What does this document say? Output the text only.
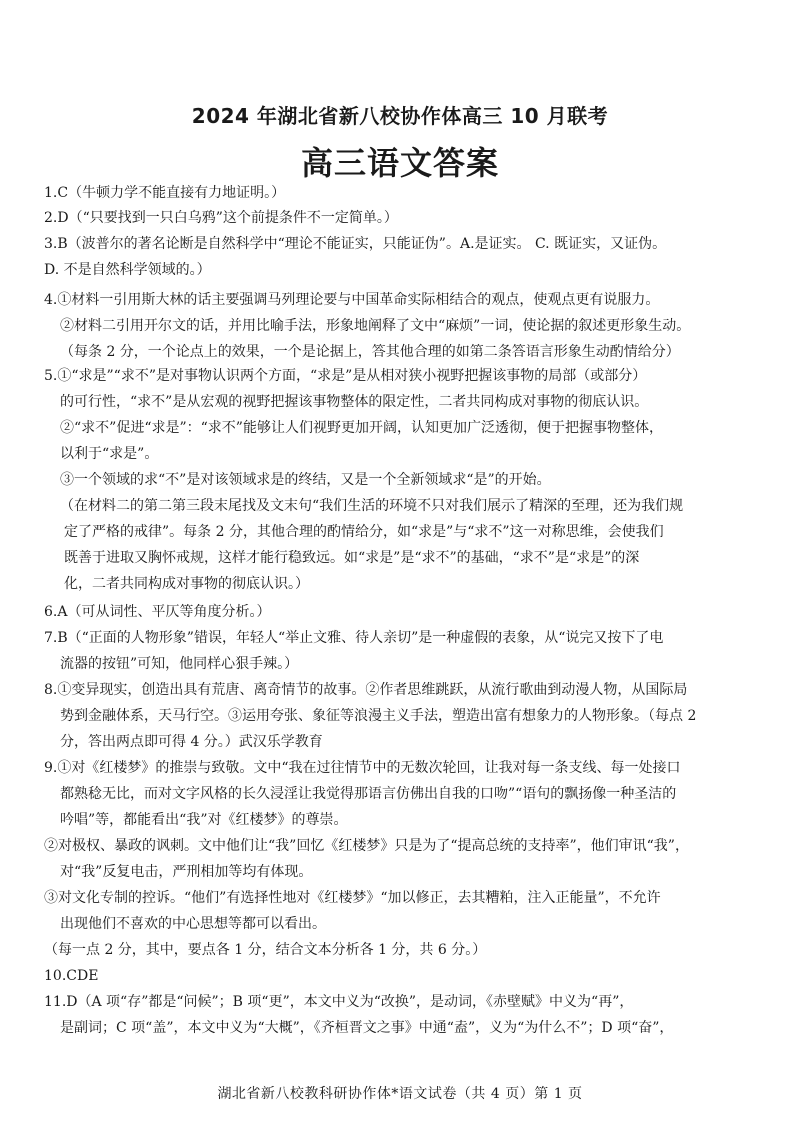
2024 年湖北省新八校协作体高三 10 月联考
高三语文答案
1.C（牛顿力学不能直接有力地证明。）
2.D（“只要找到一只白乌鸦”这个前提条件不一定简单。）
3.B（波普尔的著名论断是自然科学中“理论不能证实，只能证伪”。A.是证实。 C. 既证实，又证伪。
D. 不是自然科学领域的。）
4.①材料一引用斯大林的话主要强调马列理论要与中国革命实际相结合的观点，使观点更有说服力。
②材料二引用开尔文的话，并用比喻手法，形象地阐释了文中“麻烦”一词，使论据的叙述更形象生动。
（每条 2 分，一个论点上的效果，一个是论据上，答其他合理的如第二条答语言形象生动酌情给分）
5.①“求是”“求不”是对事物认识两个方面，“求是”是从相对狭小视野把握该事物的局部（或部分）
的可行性，“求不”是从宏观的视野把握该事物整体的限定性，二者共同构成对事物的彻底认识。
②“求不”促进“求是”：“求不”能够让人们视野更加开阔，认知更加广泛透彻，便于把握事物整体，
以利于“求是”。
③一个领域的求“不”是对该领域求是的终结，又是一个全新领域求“是”的开始。
（在材料二的第二第三段末尾找及文末句“我们生活的环境不只对我们展示了精深的至理，还为我们规
定了严格的戒律”。每条 2 分，其他合理的酌情给分，如“求是”与“求不”这一对称思维，会使我们
既善于进取又胸怀戒规，这样才能行稳致远。如“求是”是“求不”的基础，“求不”是“求是”的深
化，二者共同构成对事物的彻底认识。）
6.A（可从词性、平仄等角度分析。）
7.B（“正面的人物形象”错误，年轻人“举止文雅、待人亲切”是一种虚假的表象，从“说完又按下了电
流器的按钮”可知，他同样心狠手辣。）
8.①变异现实，创造出具有荒唐、离奇情节的故事。②作者思维跳跃，从流行歌曲到动漫人物，从国际局
势到金融体系，天马行空。③运用夸张、象征等浪漫主义手法，塑造出富有想象力的人物形象。（每点 2
分，答出两点即可得 4 分。）武汉乐学教育
9.①对《红楼梦》的推崇与致敬。文中“我在过往情节中的无数次轮回，让我对每一条支线、每一处接口
都熟稔无比，而对文字风格的长久浸淫让我觉得那语言仿佛出自我的口吻”“语句的飘扬像一种圣洁的
吟唱”等，都能看出“我”对《红楼梦》的尊崇。
②对极权、暴政的讽刺。文中他们让“我”回忆《红楼梦》只是为了“提高总统的支持率”，他们审讯“我”，
对“我”反复电击，严刑相加等均有体现。
③对文化专制的控诉。“他们”有选择性地对《红楼梦》“加以修正，去其糟粕，注入正能量”，不允许
出现他们不喜欢的中心思想等都可以看出。
（每一点 2 分，其中，要点各 1 分，结合文本分析各 1 分，共 6 分。）
10.CDE
11.D（A 项“存”都是“问候”；B 项“更”，本文中义为“改换”，是动词，《赤壁赋》中义为“再”，
是副词；C 项“盖”，本文中义为“大概”，《齐桓晋文之事》中通“盍”，义为“为什么不”；D 项“奋”，
湖北省新八校教科研协作体*语文试卷（共 4 页）第 1 页
